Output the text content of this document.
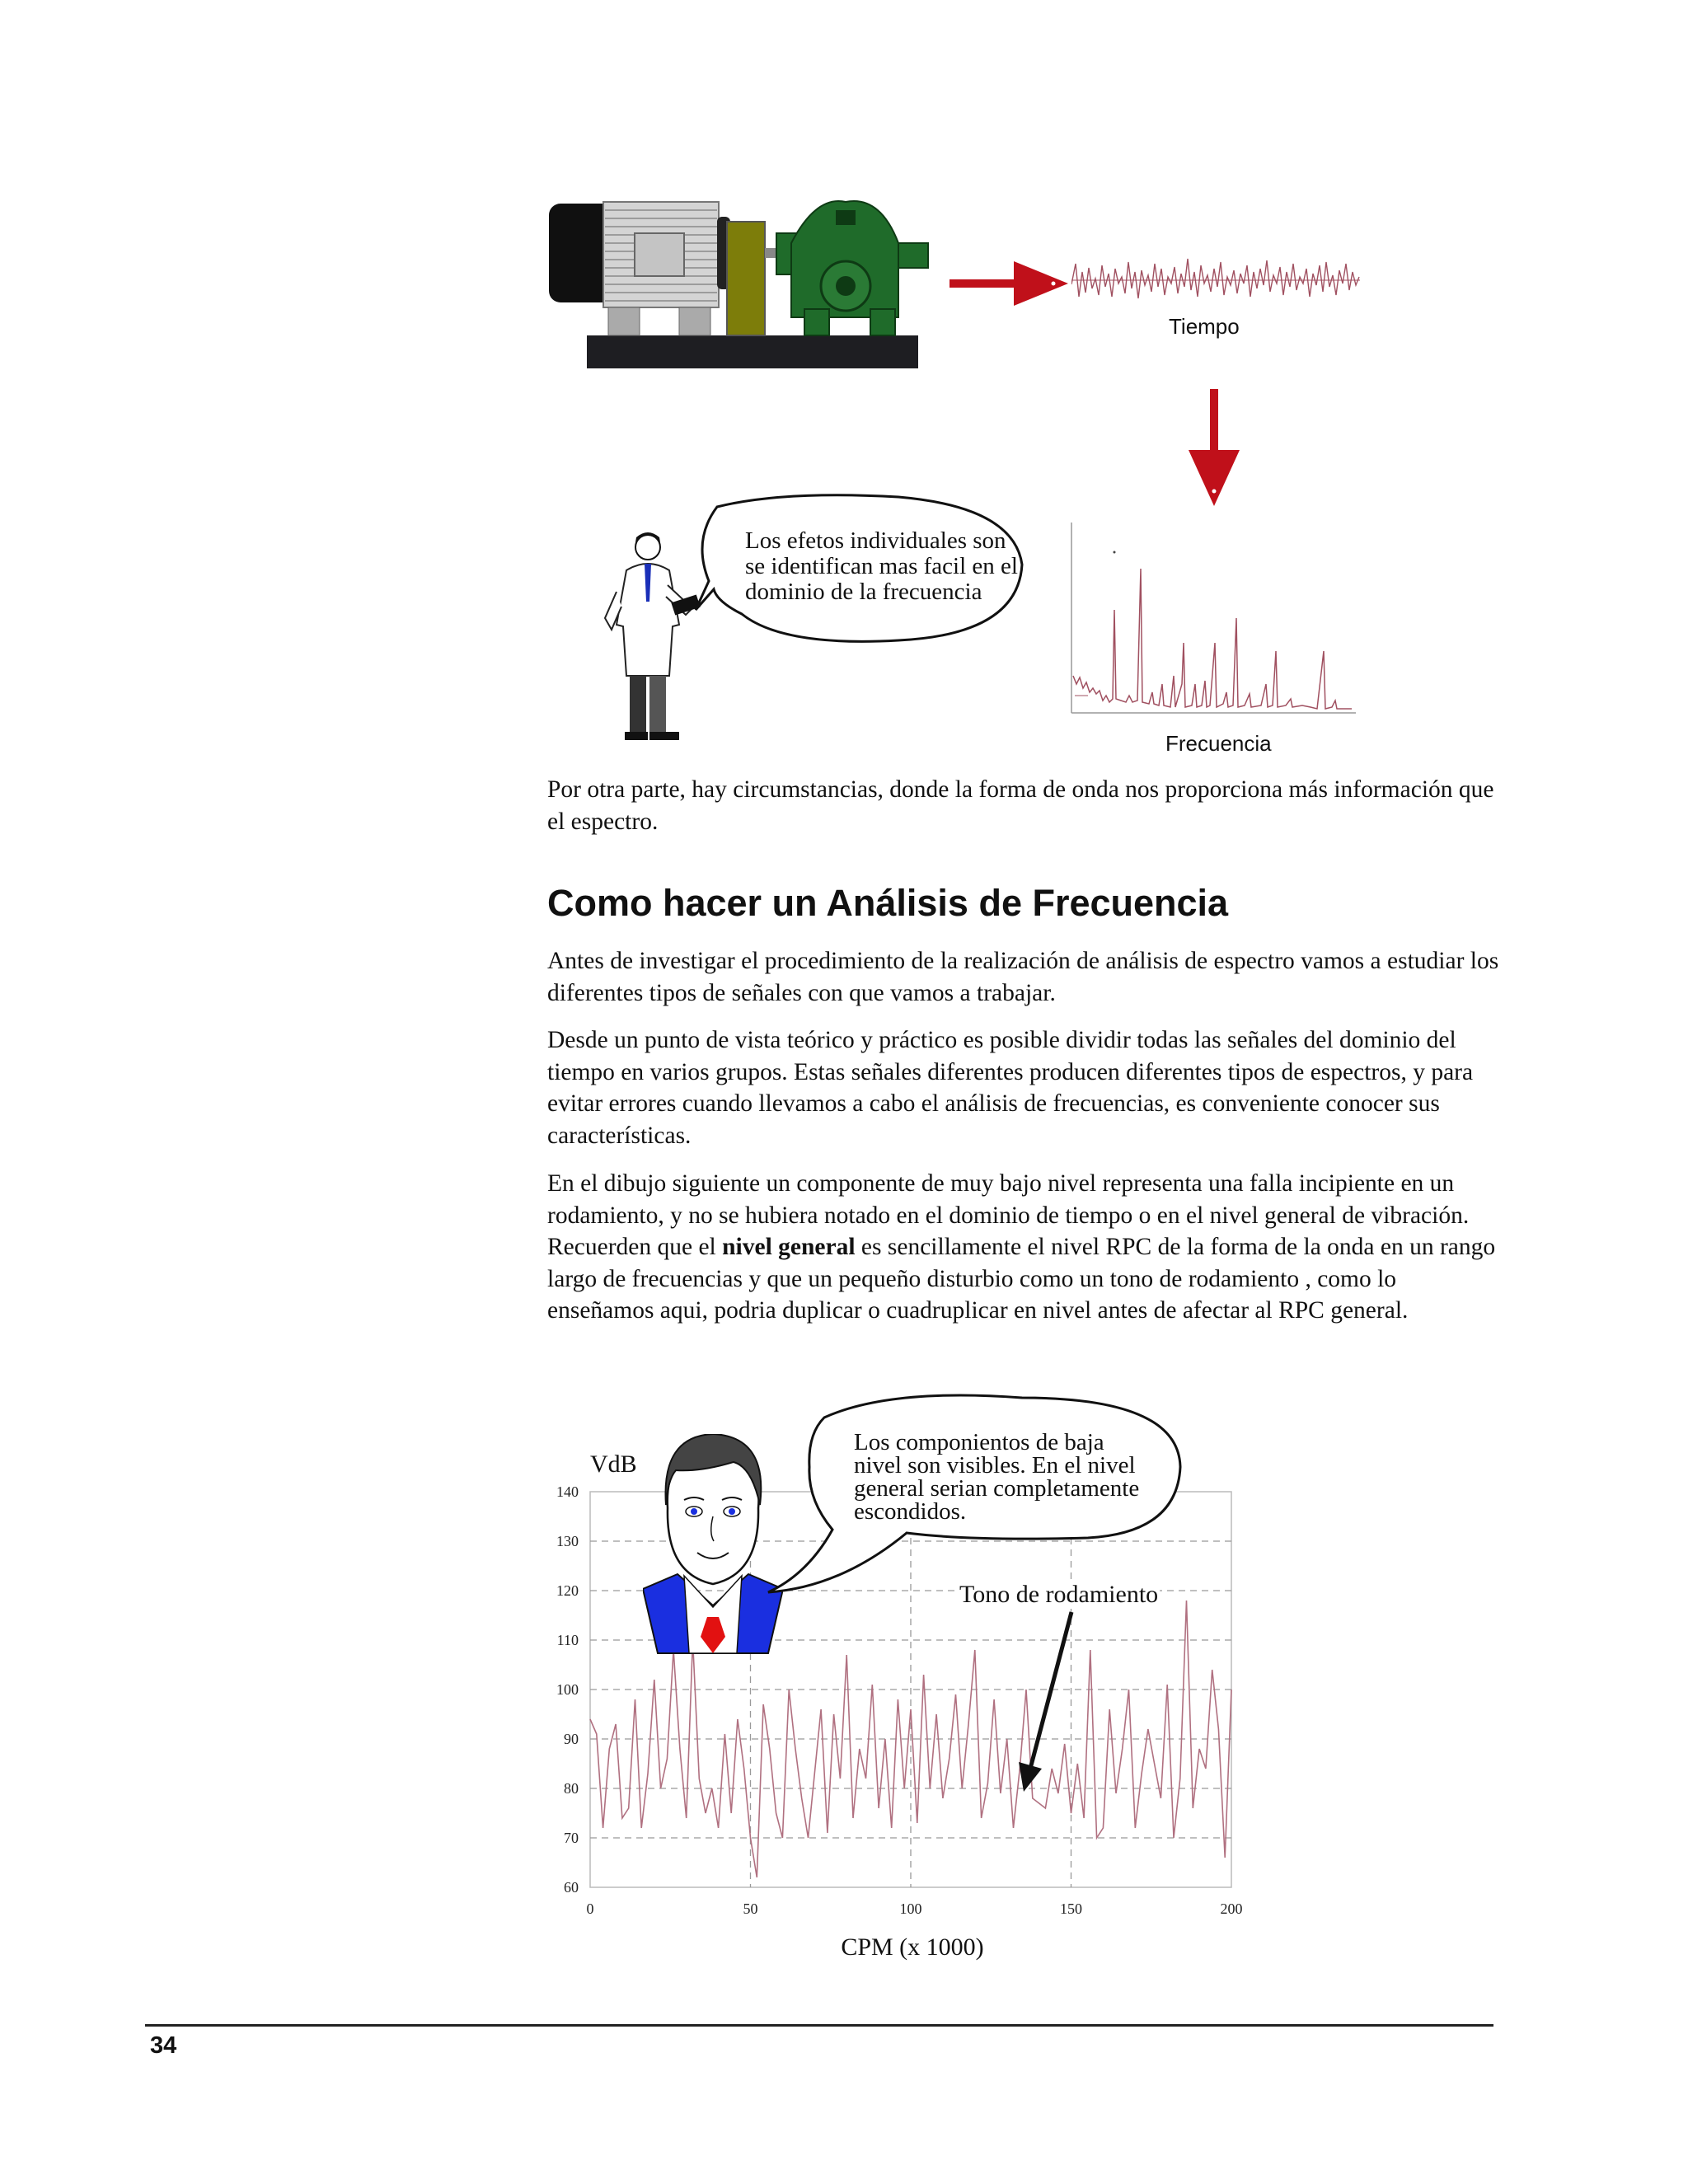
Tiempo
Los efetos individuales son
se identifican mas facil en el
dominio de la frecuencia
Frecuencia
Por otra parte, hay circumstancias, donde la forma de onda nos proporciona más información que el espectro.
Como hacer un Análisis de Frecuencia
Antes de investigar el procedimiento de la realización de análisis de espectro vamos a estudiar los diferentes tipos de señales con que vamos a trabajar.
Desde un punto de vista teórico y práctico es posible dividir todas las señales del dominio del tiempo en varios grupos. Estas señales diferentes producen diferentes tipos de espectros, y para evitar errores cuando llevamos a cabo el análisis de frecuencias, es conveniente conocer sus características.
En el dibujo siguiente un componente de muy bajo nivel representa una falla incipiente en un rodamiento, y no se hubiera notado en el dominio de tiempo o en el nivel general de vibración. Recuerden que el nivel general es sencillamente el nivel RPC de la forma de la onda en un rango largo de frecuencias y que un pequeño disturbio como un tono de rodamiento , como lo enseñamos aqui, podria duplicar o cuadruplicar en nivel antes de afectar al RPC general.
140
130
120
110
100
90
80
70
60
0	50	100	150	200
VdB
CPM (x 1000)
Los componientos de baja
nivel son visibles. En el nivel
general serian completamente
escondidos.
Tono de rodamiento
34
